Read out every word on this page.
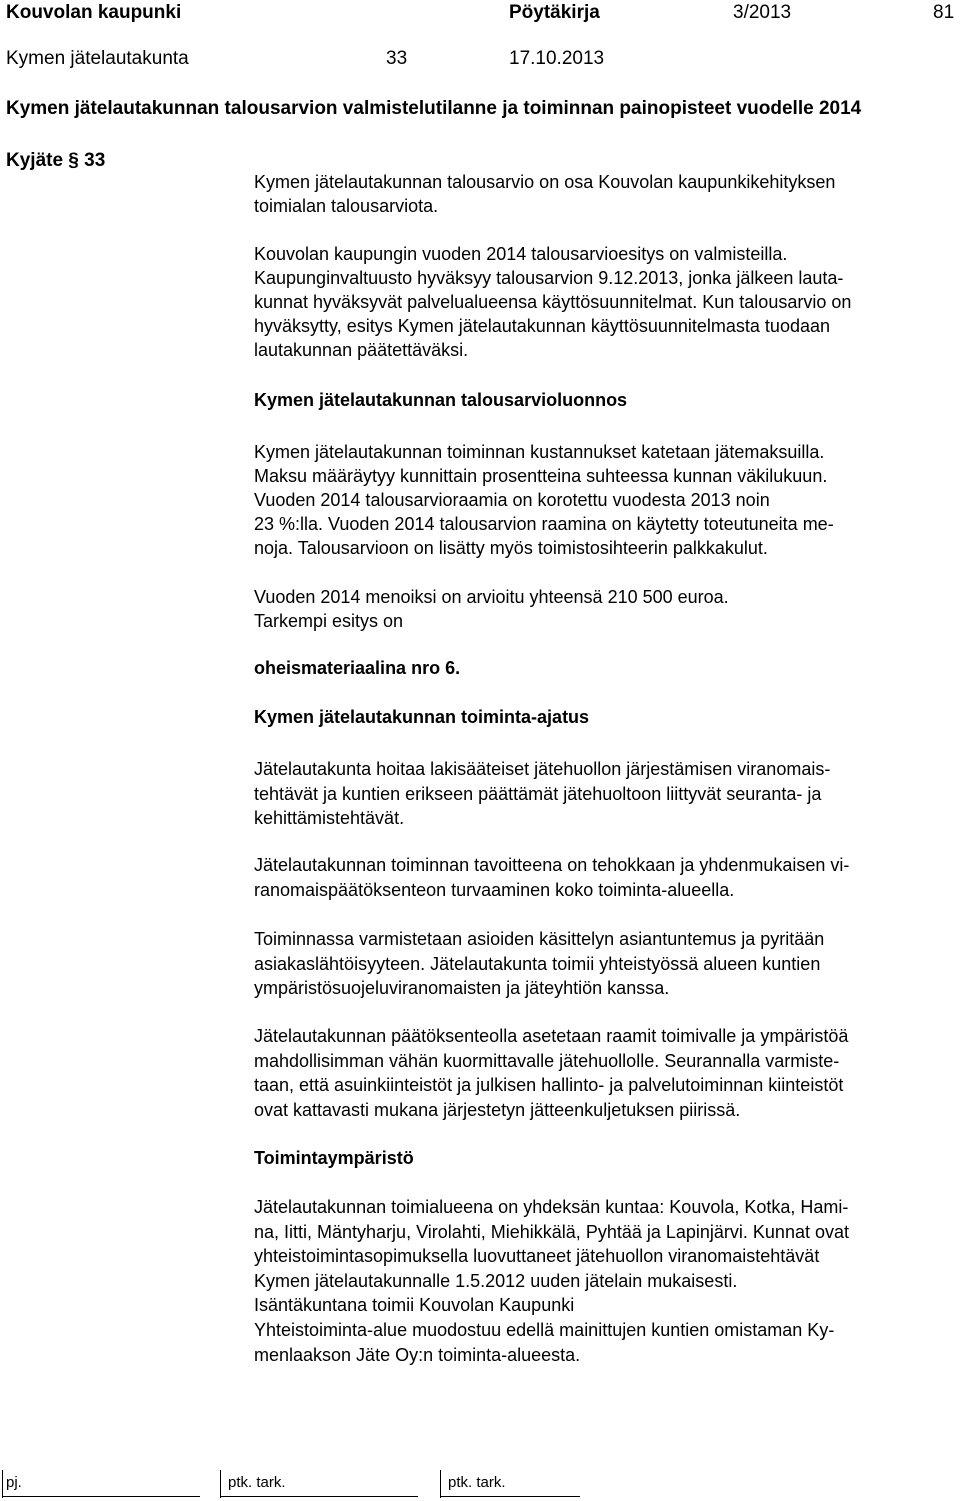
Kouvolan kaupunki	Pöytäkirja	3/2013	81
Kymen jätelautakunta	33	17.10.2013
Kymen jätelautakunnan talousarvion valmistelutilanne ja toiminnan painopisteet vuodelle 2014
Kyjäte § 33

Kymen jätelautakunnan talousarvio on osa Kouvolan kaupunkikehityksen

toimialan talousarviota.

Kouvolan kaupungin vuoden 2014 talousarvioesitys on valmisteilla.

Kaupunginvaltuusto hyväksyy talousarvion 9.12.2013, jonka jälkeen lauta-

kunnat hyväksyvät palvelualueensa käyttösuunnitelmat. Kun talousarvio on

hyväksytty, esitys Kymen jätelautakunnan käyttösuunnitelmasta tuodaan

lautakunnan päätettäväksi.

Kymen jätelautakunnan talousarvioluonnos

Kymen jätelautakunnan toiminnan kustannukset katetaan jätemaksuilla.

Maksu määräytyy kunnittain prosentteina suhteessa kunnan väkilukuun.

Vuoden 2014 talousarvioraamia on korotettu vuodesta 2013 noin

23 %:lla. Vuoden 2014 talousarvion raamina on käytetty toteutuneita me-

noja. Talousarvioon on lisätty myös toimistosihteerin palkkakulut.

Vuoden 2014 menoiksi on arvioitu yhteensä 210 500 euroa.

Tarkempi esitys on

oheismateriaalina nro 6.
Kymen jätelautakunnan toiminta-ajatus

Jätelautakunta hoitaa lakisääteiset jätehuollon järjestämisen viranomais-

tehtävät ja kuntien erikseen päättämät jätehuoltoon liittyvät seuranta- ja

kehittämistehtävät.

Jätelautakunnan toiminnan tavoitteena on tehokkaan ja yhdenmukaisen vi-

ranomaispäätöksenteon turvaaminen koko toiminta-alueella.

Toiminnassa varmistetaan asioiden käsittelyn asiantuntemus ja pyritään

asiakaslähtöisyyteen. Jätelautakunta toimii yhteistyössä alueen kuntien

ympäristösuojeluviranomaisten ja jäteyhtiön kanssa.

Jätelautakunnan päätöksenteolla asetetaan raamit toimivalle ja ympäristöä

mahdollisimman vähän kuormittavalle jätehuollolle. Seurannalla varmiste-

taan, että asuinkiinteistöt ja julkisen hallinto- ja palvelutoiminnan kiinteistöt

ovat kattavasti mukana järjestetyn jätteenkuljetuksen piirissä.

Toimintaympäristö

Jätelautakunnan toimialueena on yhdeksän kuntaa: Kouvola, Kotka, Hami-

na, Iitti, Mäntyharju, Virolahti, Miehikkälä, Pyhtää ja Lapinjärvi. Kunnat ovat

yhteistoimintasopimuksella luovuttaneet jätehuollon viranomaistehtävät

Kymen jätelautakunnalle 1.5.2012 uuden jätelain mukaisesti.

Isäntäkuntana toimii Kouvolan Kaupunki

Yhteistoiminta-alue muodostuu edellä mainittujen kuntien omistaman Ky-

menlaakson Jäte Oy:n toiminta-alueesta.

pj.	ptk. tark.	ptk. tark.
